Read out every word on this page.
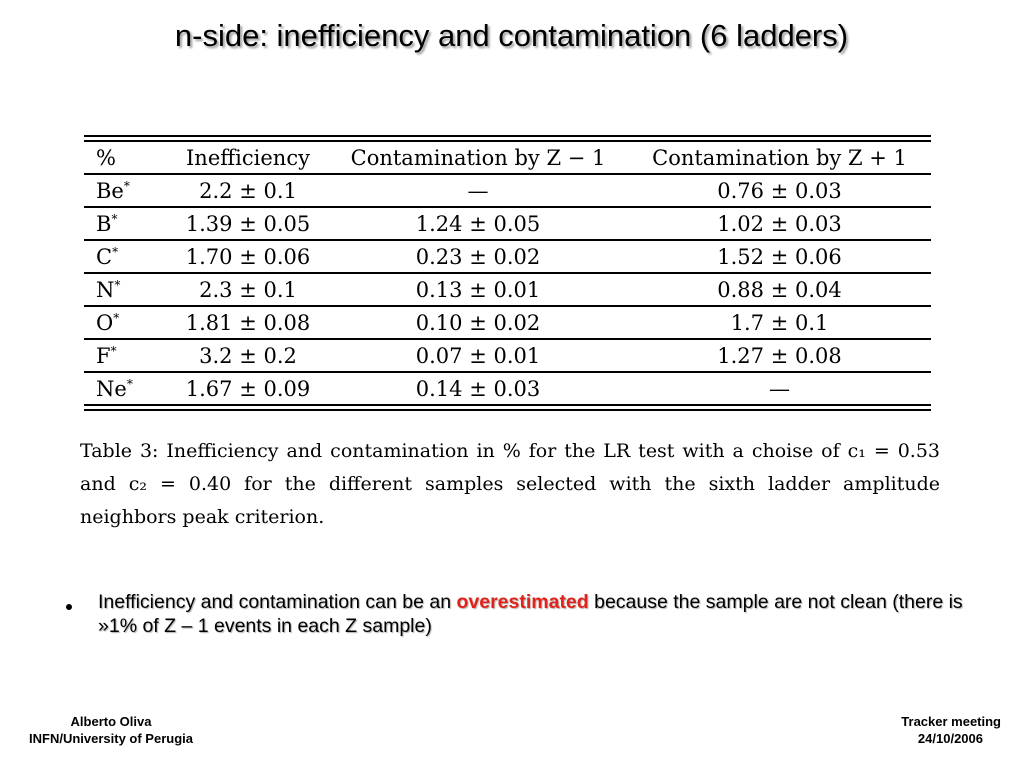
n-side: inefficiency and contamination (6 ladders)
%	Inefficiency	Contamination by Z − 1	Contamination by Z + 1
Be*	2.2 ± 0.1	—	0.76 ± 0.03
B*	1.39 ± 0.05	1.24 ± 0.05	1.02 ± 0.03
C*	1.70 ± 0.06	0.23 ± 0.02	1.52 ± 0.06
N*	2.3 ± 0.1	0.13 ± 0.01	0.88 ± 0.04
O*	1.81 ± 0.08	0.10 ± 0.02	1.7 ± 0.1
F*	3.2 ± 0.2	0.07 ± 0.01	1.27 ± 0.08
Ne*	1.67 ± 0.09	0.14 ± 0.03	—
Table 3: Inefficiency and contamination in % for the LR test with a choise of c₁ = 0.53 and c₂ = 0.40 for the different samples selected with the sixth ladder amplitude neighbors peak criterion.
Inefficiency and contamination can be an overestimated because the sample are not clean (there is »1% of Z – 1 events in each Z sample)
Alberto Oliva
INFN/University of Perugia
Tracker meeting
24/10/2006
